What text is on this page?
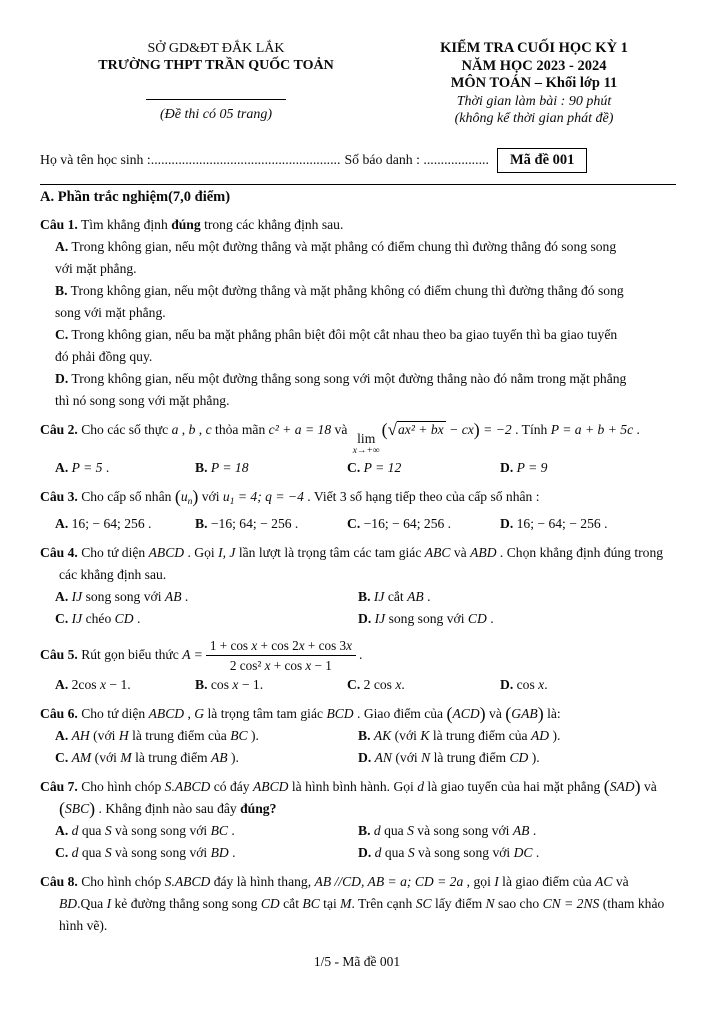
SỞ GD&ĐT ĐẮK LẮK
TRƯỜNG THPT TRẦN QUỐC TOẢN
(Đề thi có 05 trang)
KIỂM TRA CUỐI HỌC KỲ 1
NĂM HỌC 2023 - 2024
MÔN TOÁN – Khối lớp 11
Thời gian làm bài : 90 phút
(không kể thời gian phát đề)
Họ và tên học sinh :....................................................... Số báo danh : ...................	Mã đề 001
A. Phần trắc nghiệm(7,0 điểm)

Câu 1. Tìm khẳng định đúng trong các khẳng định sau.

A. Trong không gian, nếu một đường thẳng và mặt phẳng có điểm chung thì đường thẳng đó song song với mặt phẳng.

B. Trong không gian, nếu một đường thẳng và mặt phẳng không có điểm chung thì đường thẳng đó song song với mặt phẳng.

C. Trong không gian, nếu ba mặt phẳng phân biệt đôi một cắt nhau theo ba giao tuyến thì ba giao tuyến đó phải đồng quy.

D. Trong không gian, nếu một đường thẳng song song với một đường thẳng nào đó nằm trong mặt phẳng thì nó song song với mặt phẳng.

Câu 2. Cho các số thực a , b , c thỏa mãn c² + a = 18 và
lim
x→+∞
(√ax² + bx − cx) = −2 . Tính P = a + b + 5c .

A. P = 5 .	B. P = 18	C. P = 12	D. P = 9

Câu 3. Cho cấp số nhân $(u_n)$ với $u_1 = 4$; q = −4 . Viết 3 số hạng tiếp theo của cấp số nhân :

A. 16; − 64; 256 .	B. −16; 64; − 256 .	C. −16; − 64; 256 .	D. 16; − 64; − 256 .

Câu 4. Cho tứ diện ABCD . Gọi I, J lần lượt là trọng tâm các tam giác ABC và ABD . Chọn khẳng định đúng trong các khẳng định sau.

A. IJ song song với AB .	B. IJ cắt AB .

C. IJ chéo CD .	D. IJ song song với CD .

Câu 5. Rút gọn biểu thức $A = \frac{\text{1 + cos x + cos 2x + cos 3x}}{\text{2 cos² x + cos x − 1}}$ .

A. 2cos x − 1.	B. cos x − 1.	C. 2 cos x.	D. cos x.

Câu 6. Cho tứ diện ABCD , G là trọng tâm tam giác BCD . Giao điểm của (ACD) và (GAB) là:

A. AH (với H là trung điểm của BC ).	B. AK (với K là trung điểm của AD ).

C. AM (với M là trung điểm AB ).	D. AN (với N là trung điểm CD ).

Câu 7. Cho hình chóp S.ABCD có đáy ABCD là hình bình hành. Gọi d là giao tuyến của hai mặt phẳng (SAD) và (SBC) . Khẳng định nào sau đây đúng?

A. d qua S và song song với BC .	B. d qua S và song song với AB .

C. d qua S và song song với BD .	D. d qua S và song song với DC .

Câu 8. Cho hình chóp S.ABCD đáy là hình thang, AB //CD, AB = a; CD = 2a , gọi I là giao điểm của AC và BD.Qua I kẻ đường thẳng song song CD cắt BC tại M. Trên cạnh SC lấy điểm N sao cho CN = 2NS (tham khảo hình vẽ).

1/5 - Mã đề 001
